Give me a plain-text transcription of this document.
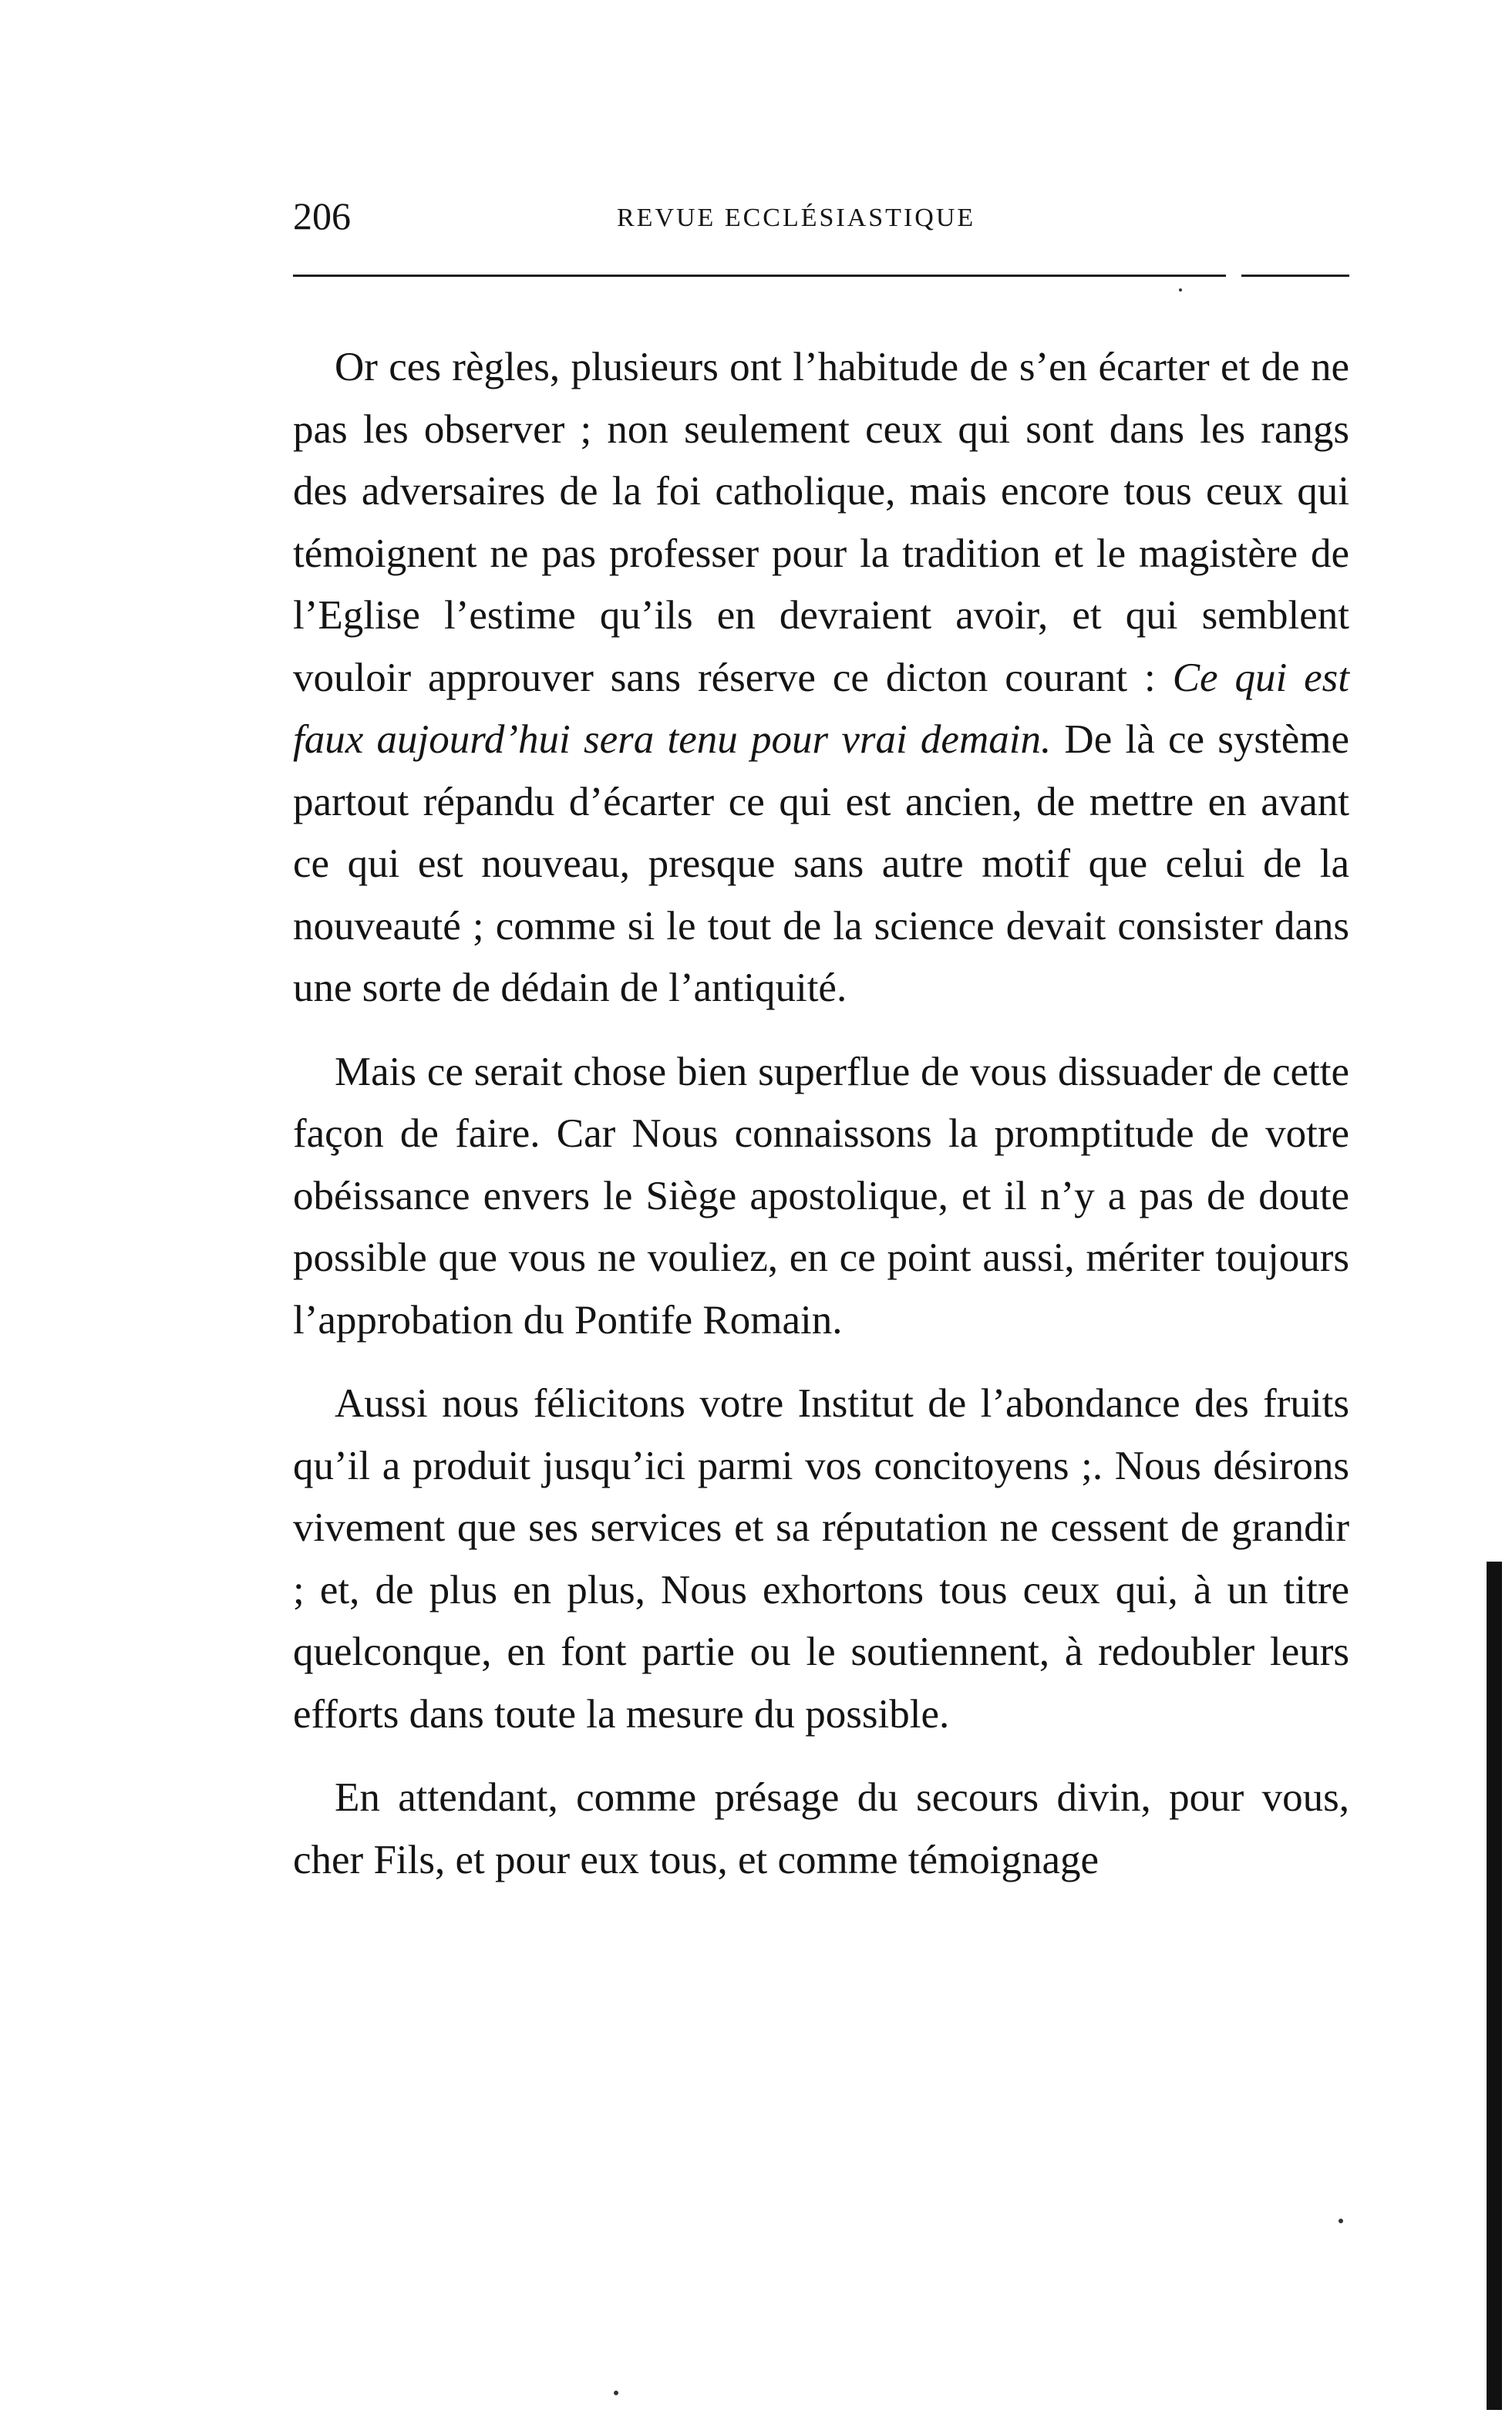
206	REVUE ECCLÉSIASTIQUE

Or ces règles, plusieurs ont l’habitude de s’en écarter et de ne pas les observer ; non seulement ceux qui sont dans les rangs des adversaires de la foi catholique, mais encore tous ceux qui témoignent ne pas professer pour la tradition et le magistère de l’Eglise l’estime qu’ils en devraient avoir, et qui semblent vouloir approuver sans réserve ce dicton courant : Ce qui est faux aujourd’hui sera tenu pour vrai demain. De là ce système partout répandu d’écarter ce qui est ancien, de mettre en avant ce qui est nouveau, presque sans autre motif que celui de la nouveauté ; comme si le tout de la science devait consister dans une sorte de dédain de l’antiquité.

Mais ce serait chose bien superflue de vous dissuader de cette façon de faire. Car Nous connaissons la promptitude de votre obéissance envers le Siège apostolique, et il n’y a pas de doute possible que vous ne vouliez, en ce point aussi, mériter toujours l’approbation du Pontife Romain.

Aussi nous félicitons votre Institut de l’abondance des fruits qu’il a produit jusqu’ici parmi vos concitoyens ;. Nous désirons vivement que ses services et sa réputation ne cessent de grandir ; et, de plus en plus, Nous exhortons tous ceux qui, à un titre quelconque, en font partie ou le soutiennent, à redoubler leurs efforts dans toute la mesure du possible.

En attendant, comme présage du secours divin, pour vous, cher Fils, et pour eux tous, et comme témoignage
